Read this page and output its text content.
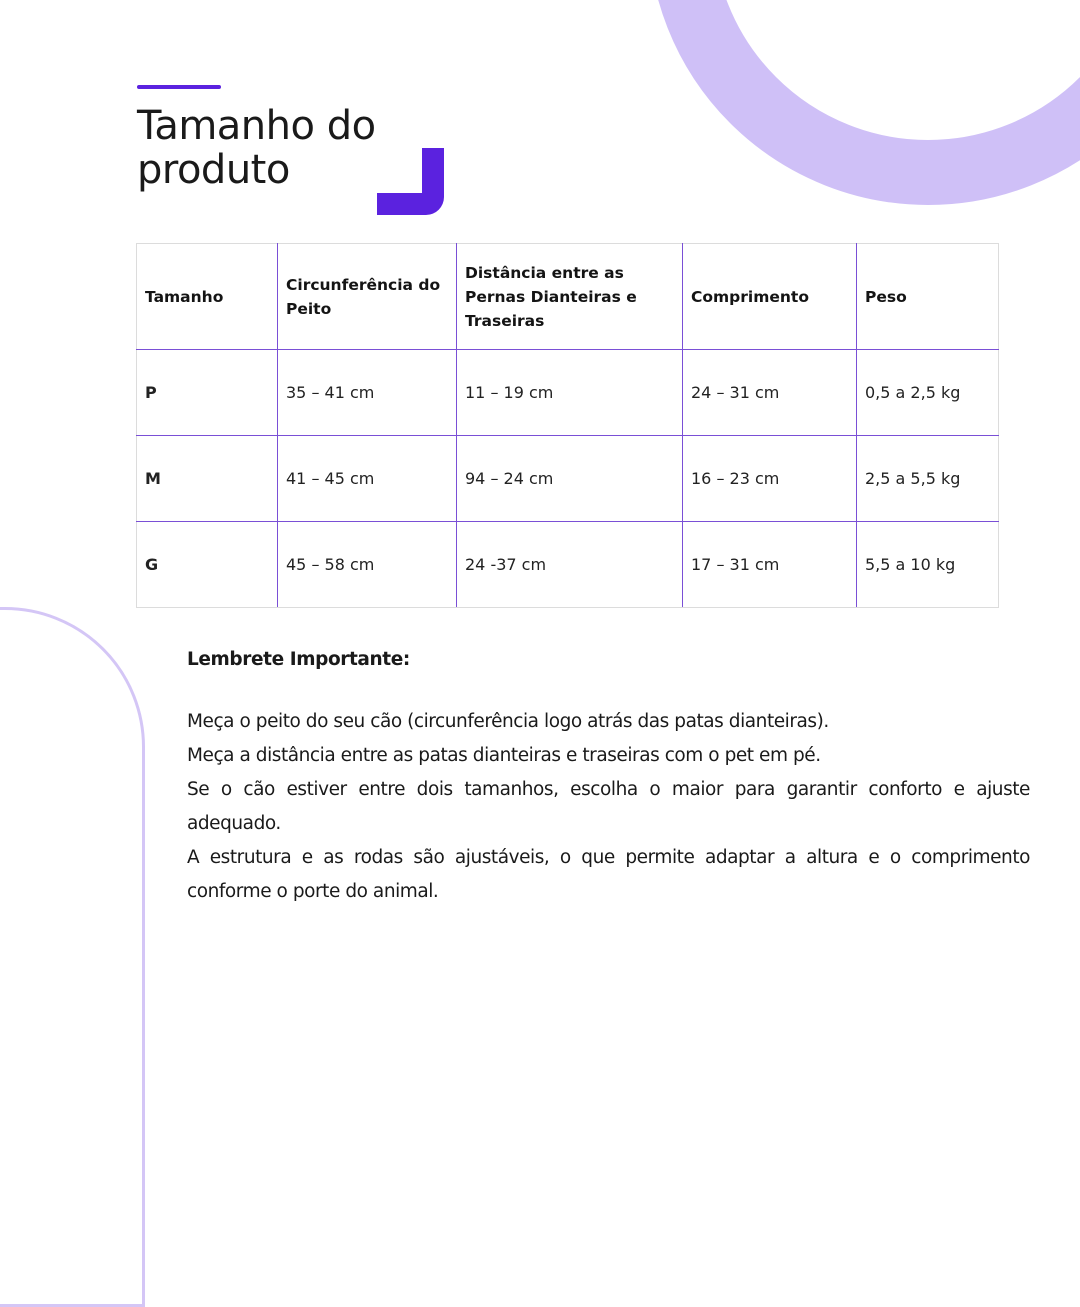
Tamanho do
produto
Tamanho	Circunferência do Peito	Distância entre as Pernas Dianteiras e Traseiras	Comprimento	Peso
P	35 – 41 cm	11 – 19 cm	24 – 31 cm	0,5 a 2,5 kg
M	41 – 45 cm	94 – 24 cm	16 – 23 cm	2,5 a 5,5 kg
G	45 – 58 cm	24 -37 cm	17 – 31 cm	5,5 a 10 kg

Lembrete Importante:

Meça o peito do seu cão (circunferência logo atrás das patas dianteiras).

Meça a distância entre as patas dianteiras e traseiras com o pet em pé.

Se o cão estiver entre dois tamanhos, escolha o maior para garantir conforto e ajuste adequado.

A estrutura e as rodas são ajustáveis, o que permite adaptar a altura e o comprimento conforme o porte do animal.
